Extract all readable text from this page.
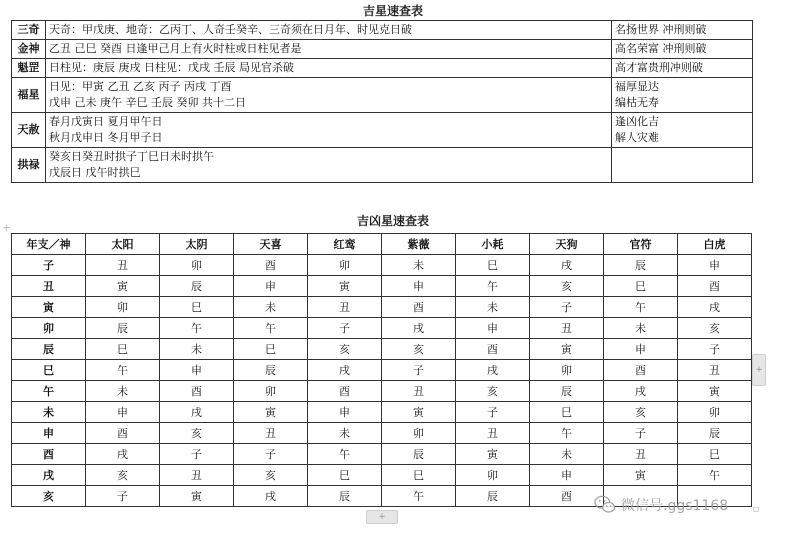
吉星速查表
三奇	天奇：甲戊庚、地奇：乙丙丁、人奇壬癸辛、三奇须在日月年、时见克日破	名扬世界 冲刑则破

金神	乙丑 己巳 癸酉 日逢甲己月上有火时柱或日柱见者是	高名荣富 冲刑则破

魁罡	日柱见：庚辰 庚戌 日柱见：戊戌 壬辰 局见官杀破	高才富贵刑冲则破

福星	日见：甲寅 乙丑 乙亥 丙子 丙戌 丁酉
戊申 己未 庚午 辛巳 壬辰 癸卯 共十二日	福厚显达
编枯无寿

天赦	春月戊寅日 夏月甲午日
秋月戊申日 冬月甲子日	逢凶化吉
解人灾难

拱禄	癸亥日癸丑时拱子丁巳日未时拱午
戊辰日 戊午时拱巳	

吉凶星速查表
年支／神	太阳	太阴	天喜	红鸾	紫薇	小耗	天狗	官符	白虎
子	丑	卯	酉	卯	未	巳	戌	辰	申
丑	寅	辰	申	寅	申	午	亥	巳	酉
寅	卯	巳	未	丑	酉	未	子	午	戌
卯	辰	午	午	子	戌	申	丑	未	亥
辰	巳	未	巳	亥	亥	酉	寅	申	子
巳	午	申	辰	戌	子	戌	卯	酉	丑
午	未	酉	卯	酉	丑	亥	辰	戌	寅
未	申	戌	寅	申	寅	子	巳	亥	卯
申	酉	亥	丑	未	卯	丑	午	子	辰
酉	戌	子	子	午	辰	寅	未	丑	巳
戌	亥	丑	亥	巳	巳	卯	申	寅	午
亥	子	寅	戌	辰	午	辰	酉		
+
+
+
▫
微信号.ggs1168
